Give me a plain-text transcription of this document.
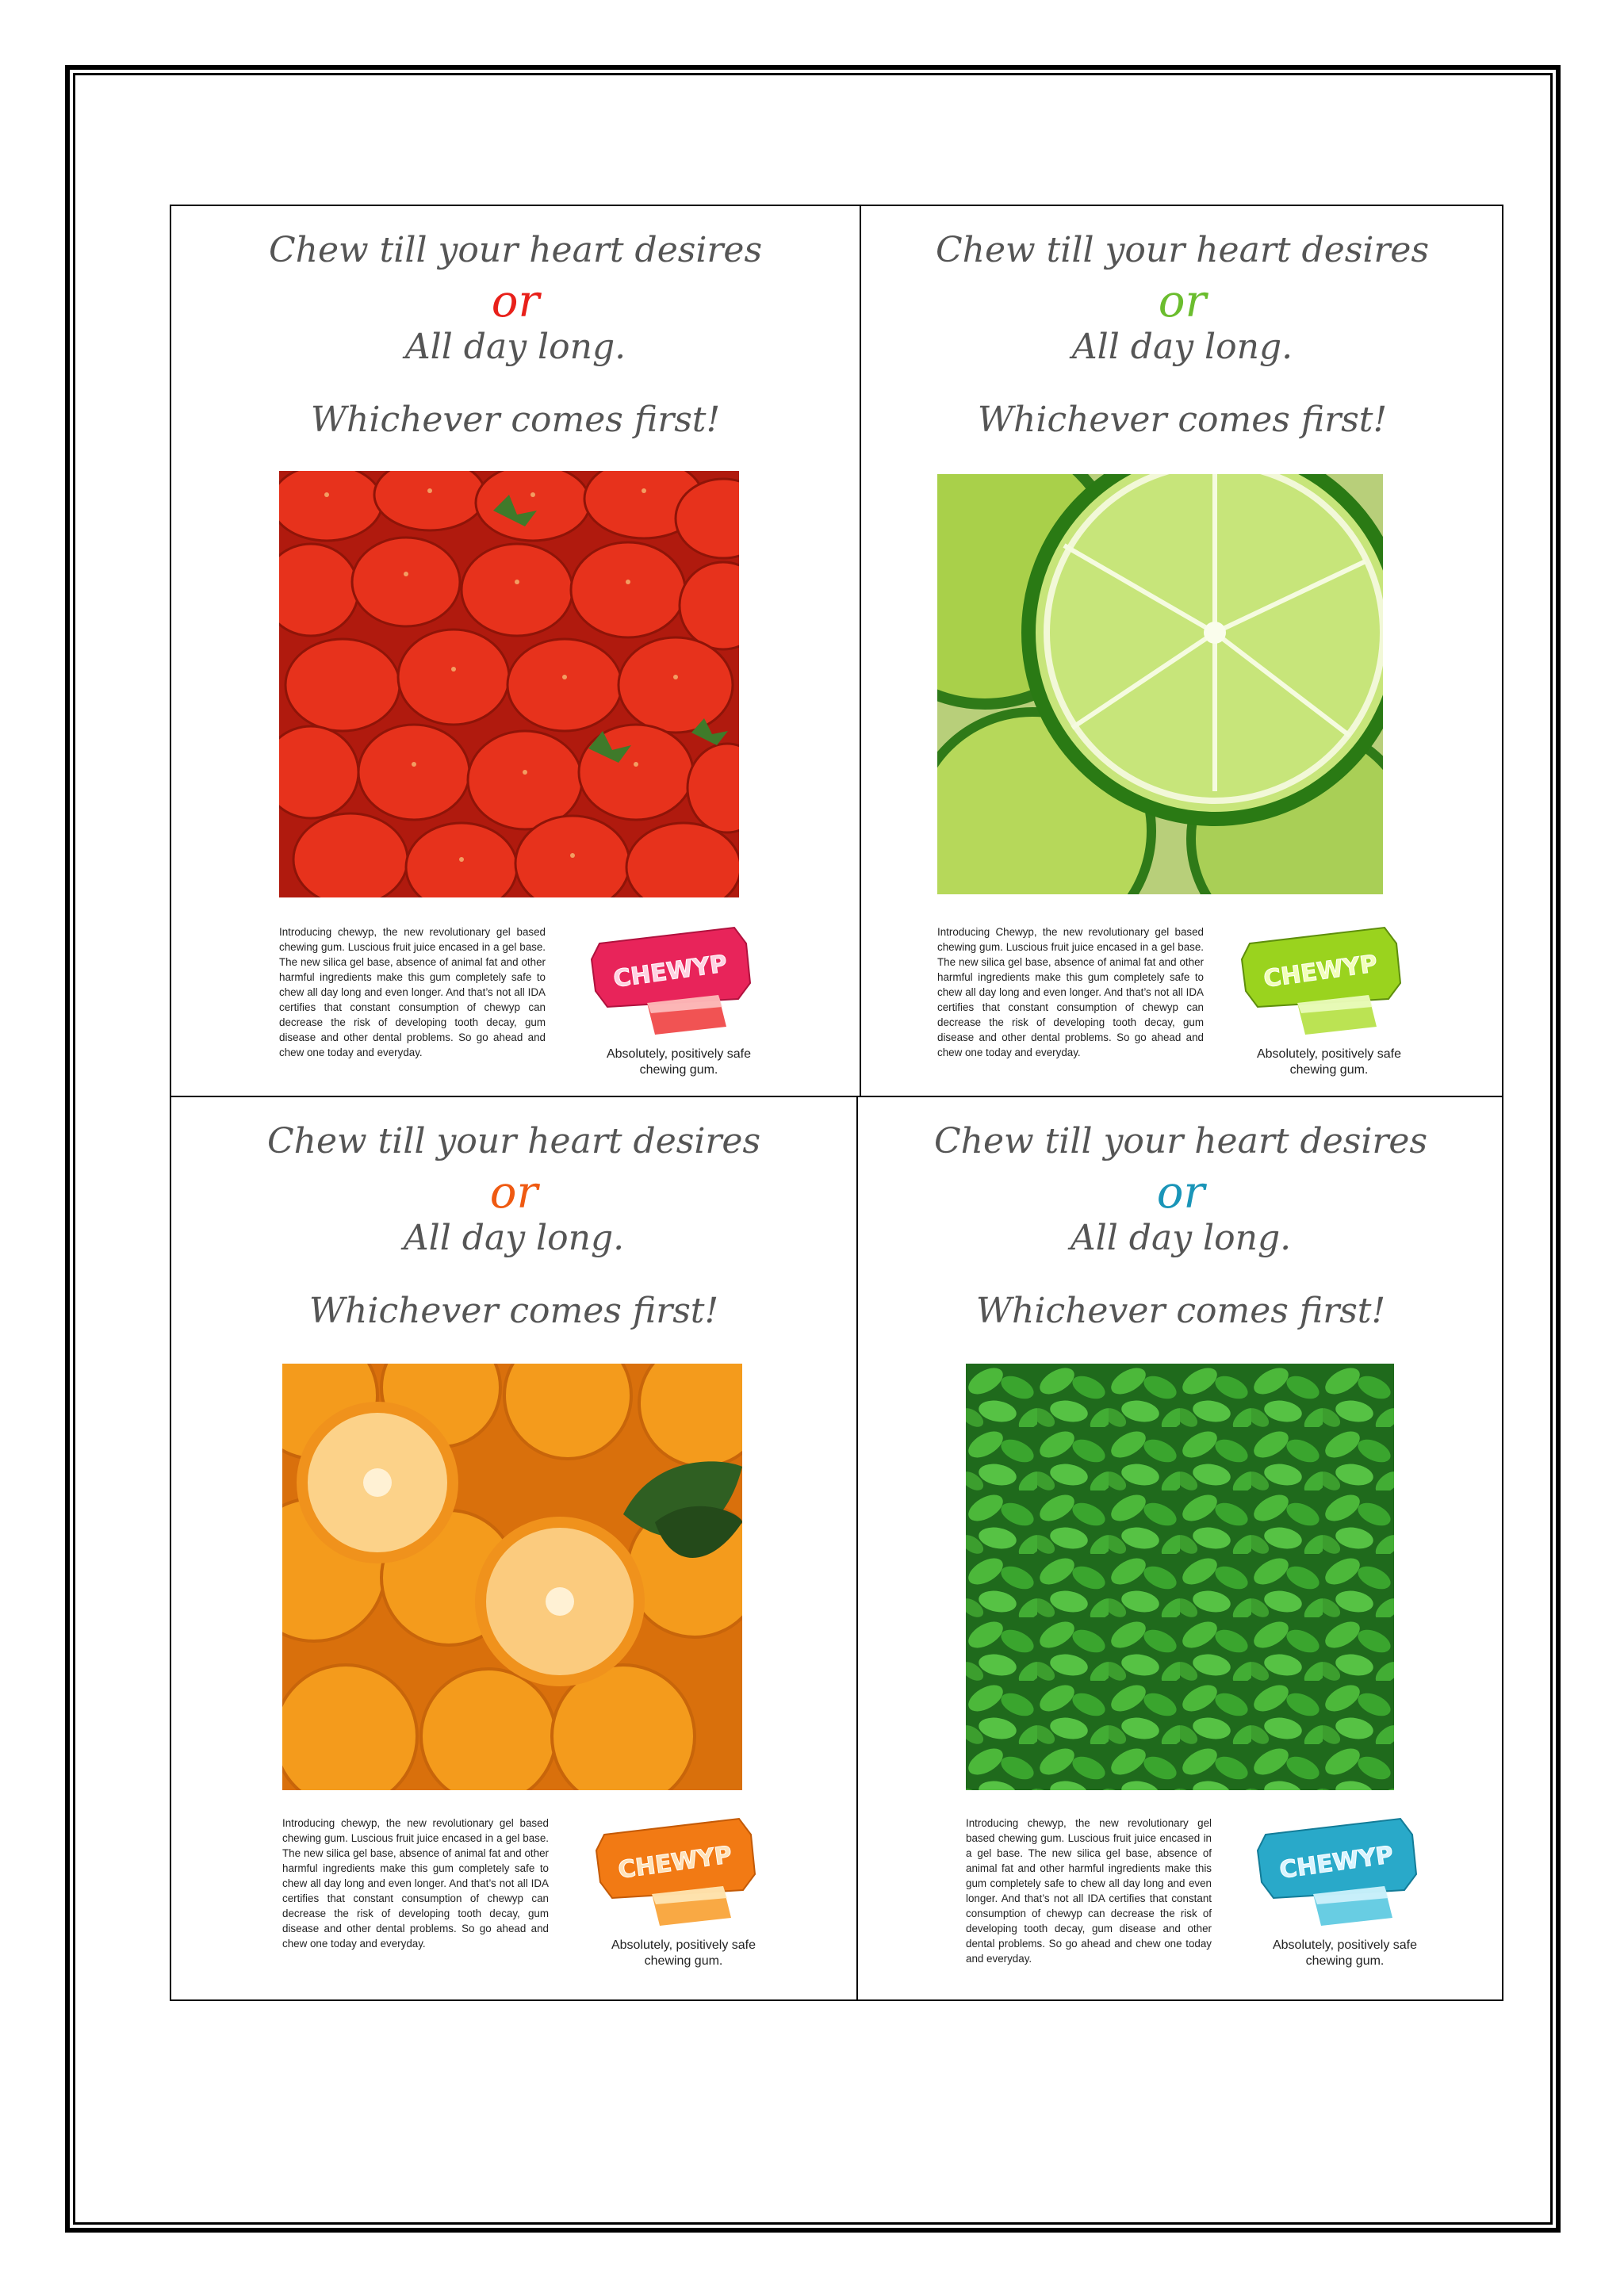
Chew till your heart desires
or
All day long.
Whichever comes first!

Introducing chewyp, the new revolutionary gel based chewing gum. Luscious fruit juice encased in a gel base. The new silica gel base, absence of animal fat and other harmful ingredients make this gum completely safe to chew all day long and even longer. And that’s not all IDA certifies that constant consumption of chewyp can decrease the risk of developing tooth decay, gum disease and other dental problems. So go ahead and chew one today and everyday.

CHEWYP

Absolutely, positively safe chewing gum.

Chew till your heart desires
or
All day long.
Whichever comes first!

Introducing Chewyp, the new revolutionary gel based chewing gum. Luscious fruit juice encased in a gel base. The new silica gel base, absence of animal fat and other harmful ingredients make this gum completely safe to chew all day long and even longer. And that’s not all IDA certifies that constant consumption of chewyp can decrease the risk of developing tooth decay, gum disease and other dental problems. So go ahead and chew one today and everyday.

CHEWYP

Absolutely, positively safe chewing gum.

Chew till your heart desires
or
All day long.
Whichever comes first!

Introducing chewyp, the new revolutionary gel based chewing gum. Luscious fruit juice encased in a gel base. The new silica gel base, absence of animal fat and other harmful ingredients make this gum completely safe to chew all day long and even longer. And that’s not all IDA certifies that constant consumption of chewyp can decrease the risk of developing tooth decay, gum disease and other dental problems. So go ahead and chew one today and everyday.

CHEWYP

Absolutely, positively safe chewing gum.

Chew till your heart desires
or
All day long.
Whichever comes first!

Introducing chewyp, the new revolutionary gel based chewing gum. Luscious fruit juice encased in a gel base. The new silica gel base, absence of animal fat and other harmful ingredients make this gum completely safe to chew all day long and even longer. And that’s not all IDA certifies that constant consumption of chewyp can decrease the risk of developing tooth decay, gum disease and other dental problems. So go ahead and chew one today and everyday.

CHEWYP

Absolutely, positively safe chewing gum.
